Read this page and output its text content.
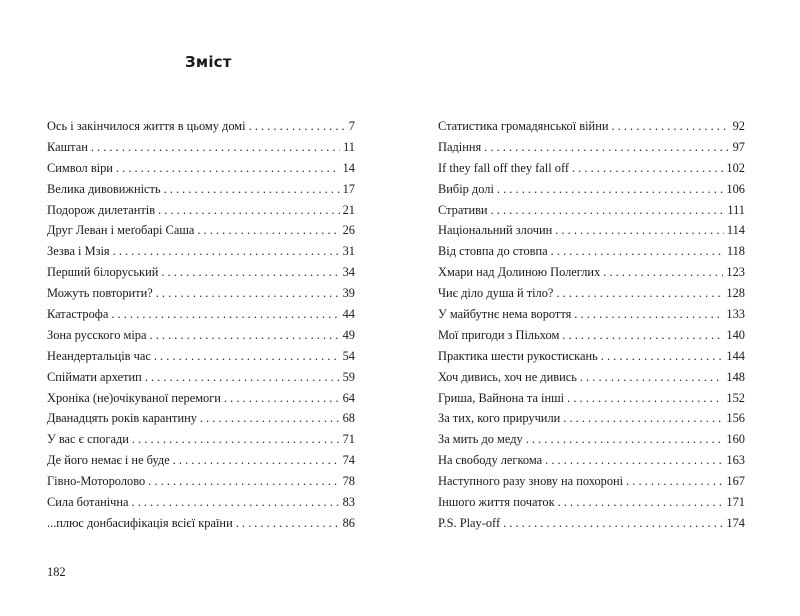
Зміст
Ось і закінчилося життя в цьому домі . . .	7
Каштан . . .	11
Символ віри . . .	14
Велика дивовижність . . .	17
Подорож дилетантів . . .	21
Друг Леван і меґобарі Саша . . .	26
Зезва і Мзія . . .	31
Перший білоруський . . .	34
Можуть повторити? . . .	39
Катастрофа . . .	44
Зона русского міра . . .	49
Неандертальців час . . .	54
Спіймати архетип . . .	59
Хроніка (не)очікуваної перемоги . . .	64
Дванадцять років карантину . . .	68
У вас є спогади . . .	71
Де його немає і не буде . . .	74
Гівно-Моторолово . . .	78
Сила ботанічна . . .	83
...плюс донбасифікація всієї країни . . .	86
Статистика громадянської війни . . .	92
Падіння . . .	97
If they fall off they fall off . . .	102
Вибір долі . . .	106
Стративи . . .	111
Національний злочин . . .	114
Від стовпа до стовпа . . .	118
Хмари над Долиною Полеглих . . .	123
Чиє діло душа й тіло? . . .	128
У майбутнє нема вороття . . .	133
Мої пригоди з Пільхом . . .	140
Практика шести рукостискань . . .	144
Хоч дивись, хоч не дивись . . .	148
Гриша, Вайнона та інші . . .	152
За тих, кого приручили . . .	156
За мить до меду . . .	160
На свободу легкома . . .	163
Наступного разу знову на похороні . . .	167
Іншого життя початок . . .	171
P.S. Play-off . . .	174
182
